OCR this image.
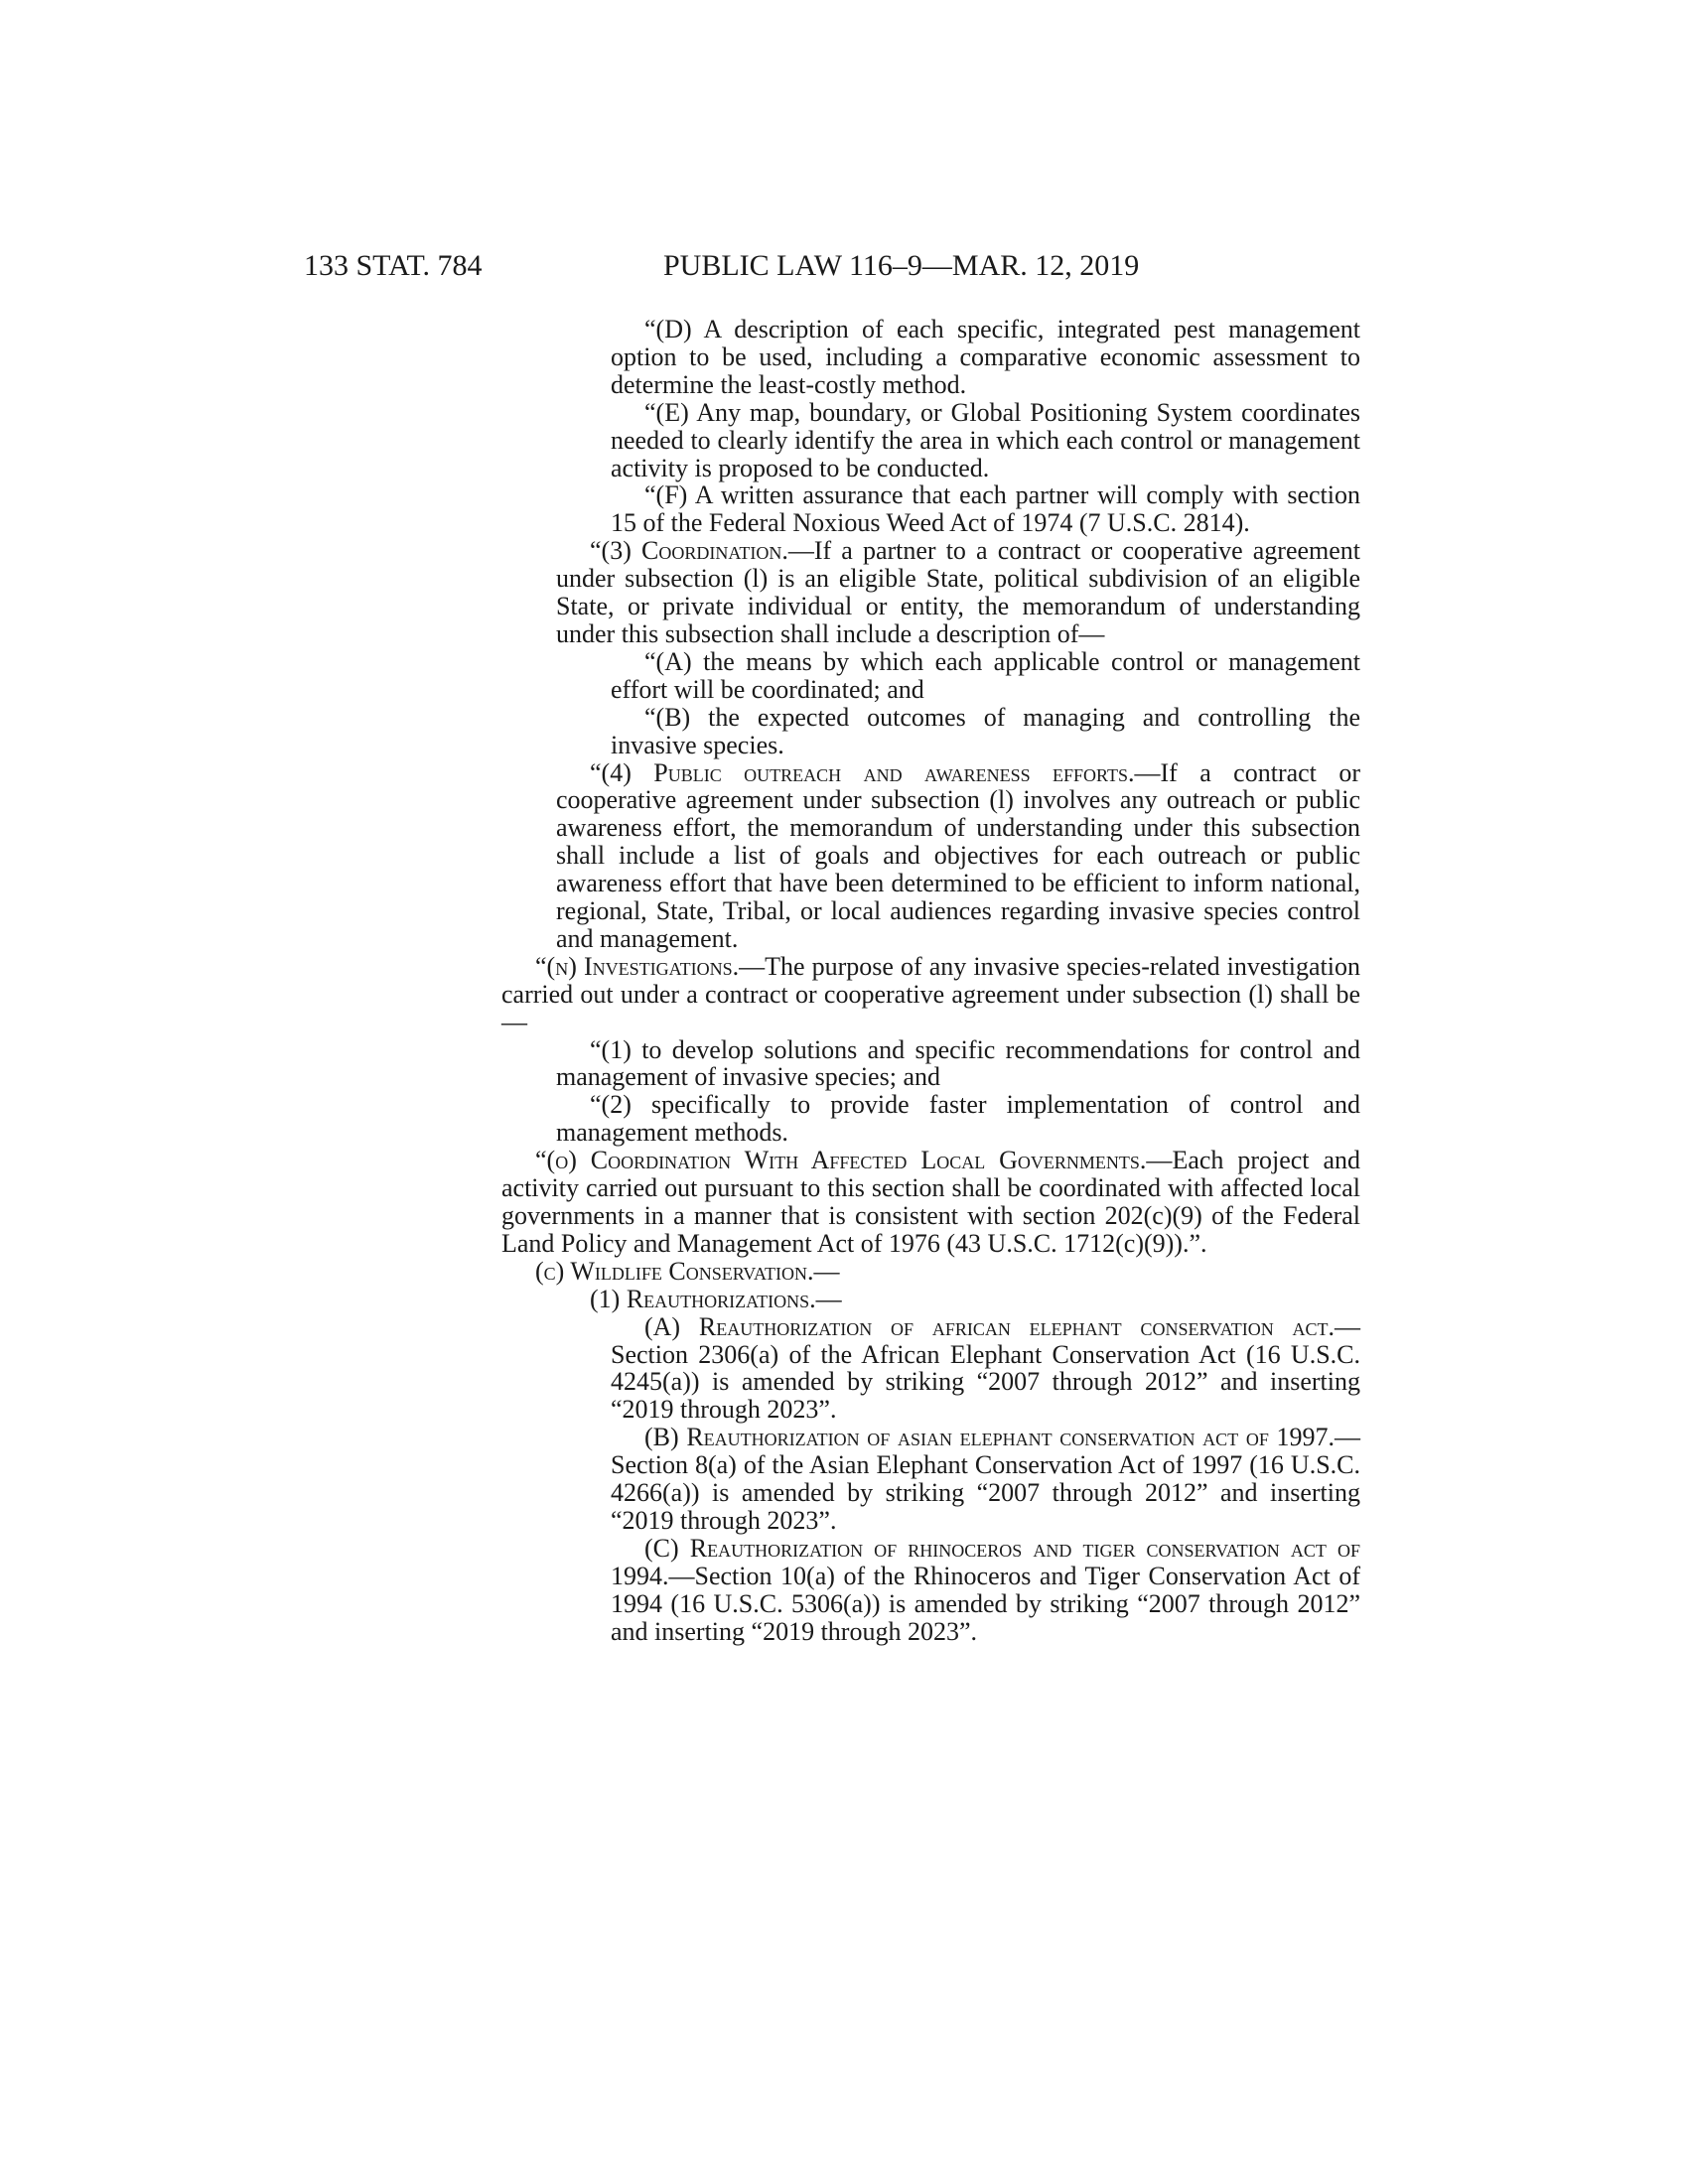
133 STAT. 784	PUBLIC LAW 116–9—MAR. 12, 2019

“(D) A description of each specific, integrated pest management option to be used, including a comparative economic assessment to determine the least-costly method.

“(E) Any map, boundary, or Global Positioning System coordinates needed to clearly identify the area in which each control or management activity is proposed to be conducted.

“(F) A written assurance that each partner will comply with section 15 of the Federal Noxious Weed Act of 1974 (7 U.S.C. 2814).

“(3) Coordination.—If a partner to a contract or cooperative agreement under subsection (l) is an eligible State, political subdivision of an eligible State, or private individual or entity, the memorandum of understanding under this subsection shall include a description of—

“(A) the means by which each applicable control or management effort will be coordinated; and

“(B) the expected outcomes of managing and controlling the invasive species.

“(4) Public outreach and awareness efforts.—If a contract or cooperative agreement under subsection (l) involves any outreach or public awareness effort, the memorandum of understanding under this subsection shall include a list of goals and objectives for each outreach or public awareness effort that have been determined to be efficient to inform national, regional, State, Tribal, or local audiences regarding invasive species control and management.

“(n) Investigations.—The purpose of any invasive species-related investigation carried out under a contract or cooperative agreement under subsection (l) shall be—

“(1) to develop solutions and specific recommendations for control and management of invasive species; and

“(2) specifically to provide faster implementation of control and management methods.

“(o) Coordination With Affected Local Governments.—Each project and activity carried out pursuant to this section shall be coordinated with affected local governments in a manner that is consistent with section 202(c)(9) of the Federal Land Policy and Management Act of 1976 (43 U.S.C. 1712(c)(9)).”.

(c) Wildlife Conservation.—

(1) Reauthorizations.—

(A) Reauthorization of african elephant conservation act.—Section 2306(a) of the African Elephant Conservation Act (16 U.S.C. 4245(a)) is amended by striking “2007 through 2012” and inserting “2019 through 2023”.

(B) Reauthorization of asian elephant conservation act of 1997.—Section 8(a) of the Asian Elephant Conservation Act of 1997 (16 U.S.C. 4266(a)) is amended by striking “2007 through 2012” and inserting “2019 through 2023”.

(C) Reauthorization of rhinoceros and tiger conservation act of 1994.—Section 10(a) of the Rhinoceros and Tiger Conservation Act of 1994 (16 U.S.C. 5306(a)) is amended by striking “2007 through 2012” and inserting “2019 through 2023”.
